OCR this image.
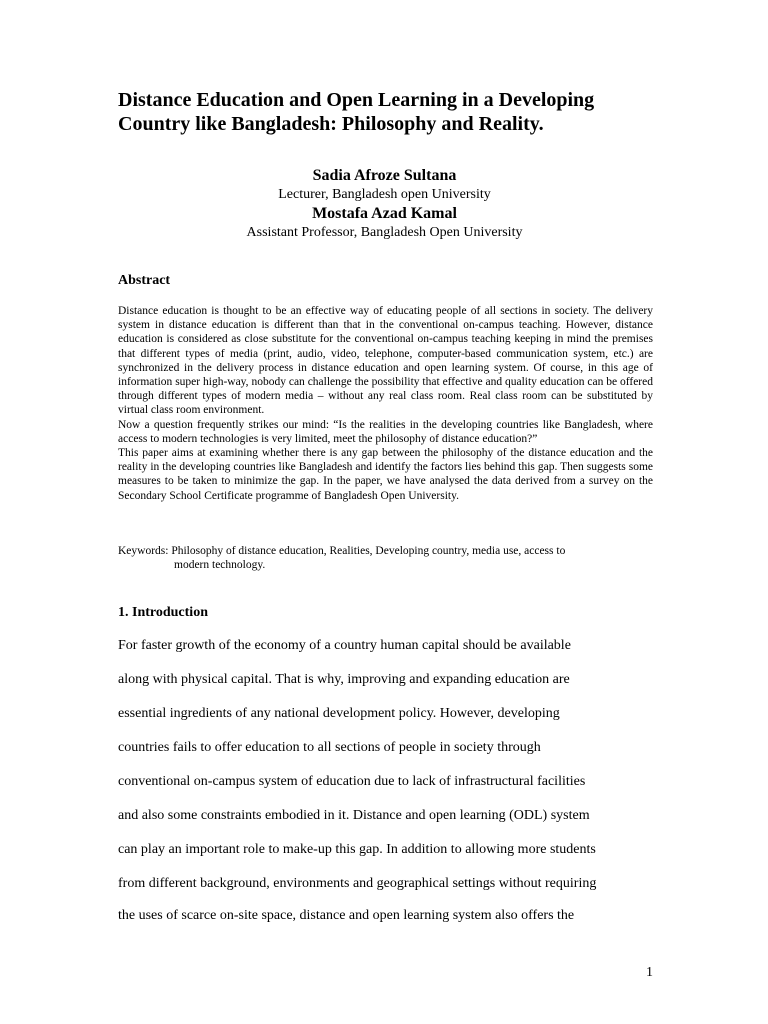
Distance Education and Open Learning in a Developing Country like Bangladesh: Philosophy and Reality.
Sadia Afroze Sultana
Lecturer, Bangladesh open University
Mostafa Azad Kamal
Assistant Professor, Bangladesh Open University
Abstract

Distance education is thought to be an effective way of educating people of all sections in society. The delivery system in distance education is different than that in the conventional on-campus teaching. However, distance education is considered as close substitute for the conventional on-campus teaching keeping in mind the premises that different types of media (print, audio, video, telephone, computer-based communication system, etc.) are synchronized in the delivery process in distance education and open learning system. Of course, in this age of information super high-way, nobody can challenge the possibility that effective and quality education can be offered through different types of modern media – without any real class room. Real class room can be substituted by virtual class room environment.

Now a question frequently strikes our mind: “Is the realities in the developing countries like Bangladesh, where access to modern technologies is very limited, meet the philosophy of distance education?”

This paper aims at examining whether there is any gap between the philosophy of the distance education and the reality in the developing countries like Bangladesh and identify the factors lies behind this gap. Then suggests some measures to be taken to minimize the gap. In the paper, we have analysed the data derived from a survey on the Secondary School Certificate programme of Bangladesh Open University.

Keywords: Philosophy of distance education, Realities, Developing country, media use, access to
modern technology.
1. Introduction
For faster growth of the economy of a country human capital should be available
along with physical capital. That is why, improving and expanding education are
essential ingredients of any national development policy. However, developing
countries fails to offer education to all sections of people in society through
conventional on-campus system of education due to lack of infrastructural facilities
and also some constraints embodied in it. Distance and open learning (ODL) system
can play an important role to make-up this gap. In addition to allowing more students
from different background, environments and geographical settings without requiring
the uses of scarce on-site space, distance and open learning system also offers the
1
